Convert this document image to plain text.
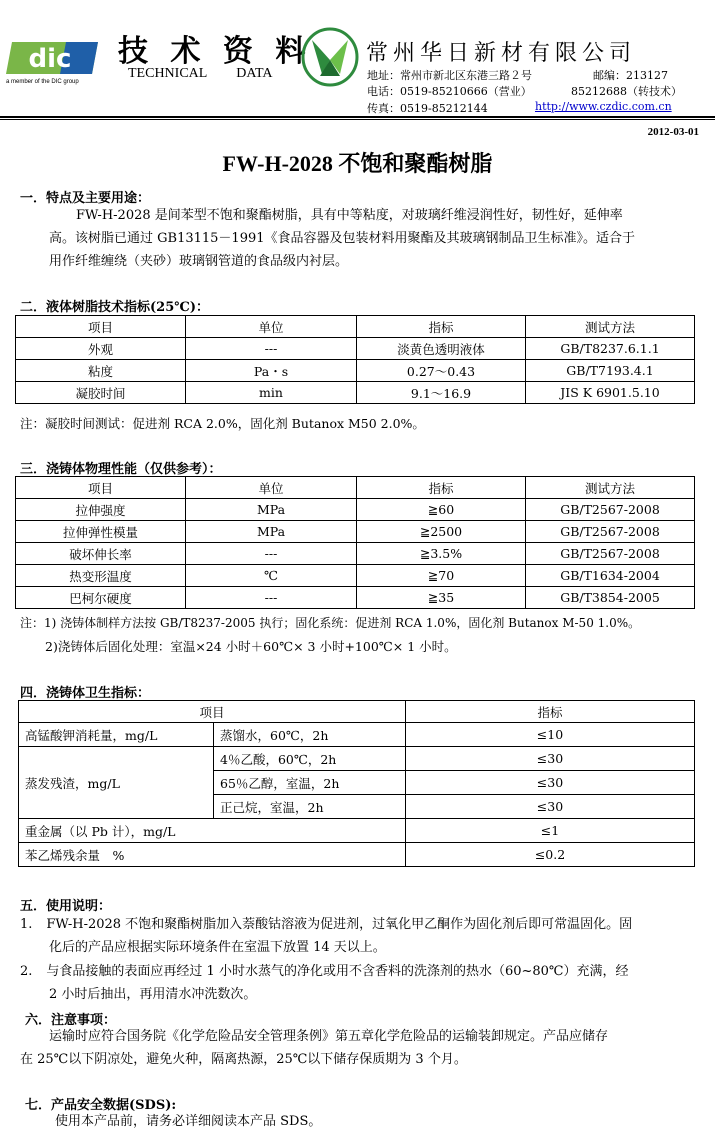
dic
a member of the DIC group
技 术 资 料
TECHNICAL DATA
常州华日新材有限公司
地址：常州市新北区东港三路２号	邮编：213127
电话：0519-85210666（营业）	85212688（转技术）
传真：0519-85212144	http://www.czdic.com.cn
2012-03-01
FW-H-2028 不饱和聚酯树脂
一．特点及主要用途：
FW-H-2028 是间苯型不饱和聚酯树脂，具有中等粘度，对玻璃纤维浸润性好，韧性好，延伸率
高。该树脂已通过 GB13115－1991《食品容器及包装材料用聚酯及其玻璃钢制品卫生标准》。适合于
用作纤维缠绕（夹砂）玻璃钢管道的食品级内衬层。
二．液体树脂技术指标(25℃)：
项目	单位	指标	测试方法
外观	---	淡黄色透明液体	GB/T8237.6.1.1
粘度	Pa・s	0.27～0.43	GB/T7193.4.1
凝胶时间	min	9.1～16.9	JIS K 6901.5.10
注：凝胶时间测试：促进剂 RCA 2.0%，固化剂 Butanox M50 2.0%。
三．浇铸体物理性能（仅供参考）：
项目	单位	指标	测试方法
拉伸强度	MPa	≧60	GB/T2567-2008
拉伸弹性模量	MPa	≧2500	GB/T2567-2008
破坏伸长率	---	≧3.5%	GB/T2567-2008
热变形温度	℃	≧70	GB/T1634-2004
巴柯尔硬度	---	≧35	GB/T3854-2005
注：1) 浇铸体制样方法按 GB/T8237-2005 执行；固化系统：促进剂 RCA 1.0%，固化剂 Butanox M-50 1.0%。
2)浇铸体后固化处理：室温×24 小时＋60℃× 3 小时+100℃× 1 小时。
四．浇铸体卫生指标：
项目		指标
高锰酸钾消耗量，mg/L	蒸馏水，60℃，2h	≤10
蒸发残渣，mg/L	4％乙酸，60℃，2h	≤30
	65％乙醇，室温，2h	≤30
	正己烷，室温，2h	≤30
重金属（以 Pb 计），mg/L		≤1
苯乙烯残余量　%		≤0.2
五．使用说明：
1. FW-H-2028 不饱和聚酯树脂加入萘酸钴溶液为促进剂，过氧化甲乙酮作为固化剂后即可常温固化。固
化后的产品应根据实际环境条件在室温下放置 14 天以上。
2. 与食品接触的表面应再经过 1 小时水蒸气的净化或用不含香料的洗涤剂的热水（60~80℃）充满，经
2 小时后抽出，再用清水冲洗数次。
六．注意事项：
运输时应符合国务院《化学危险品安全管理条例》第五章化学危险品的运输装卸规定。产品应储存
在 25℃以下阴凉处，避免火种，隔离热源，25℃以下储存保质期为 3 个月。
七．产品安全数据(SDS):
使用本产品前，请务必详细阅读本产品 SDS。
